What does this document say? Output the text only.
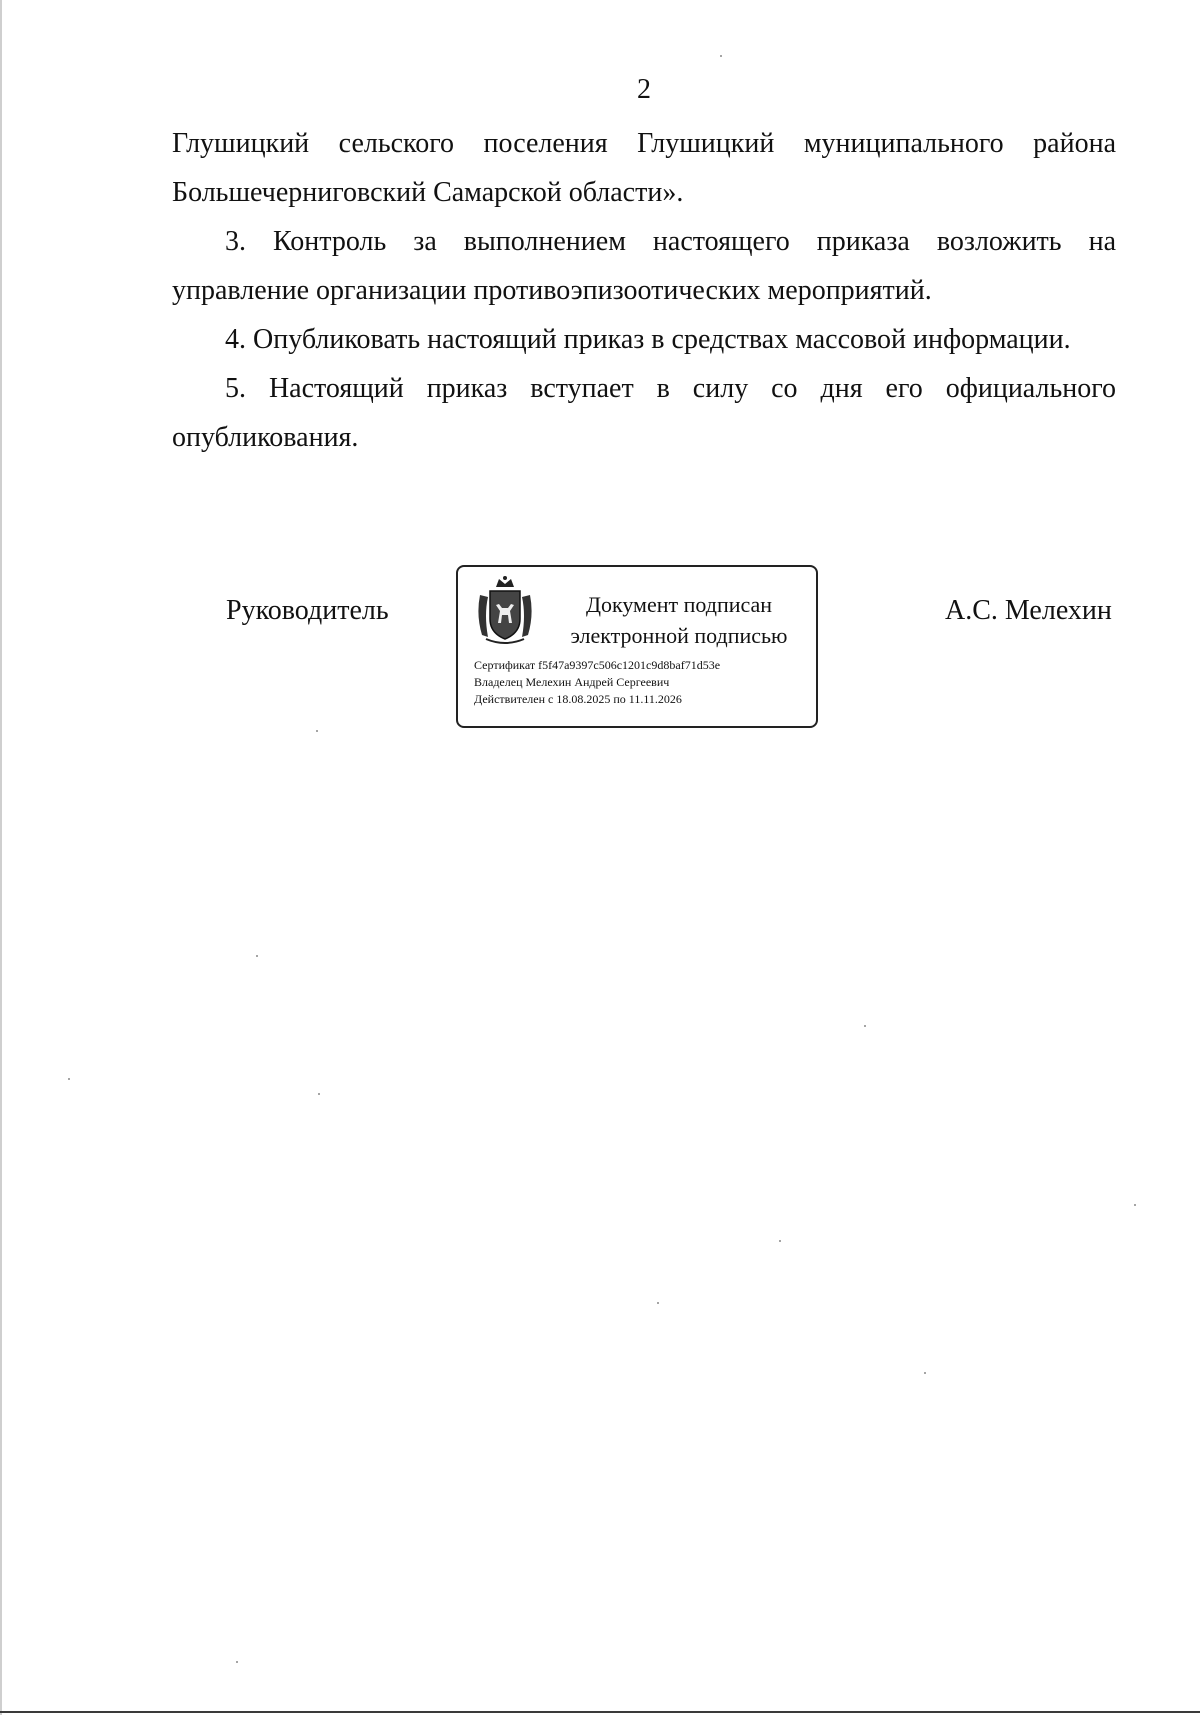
2

Глушицкий сельского поселения Глушицкий муниципального района Большечерниговский Самарской области».

3. Контроль за выполнением настоящего приказа возложить на управление организации противоэпизоотических мероприятий.

4. Опубликовать настоящий приказ в средствах массовой информации.

5. Настоящий приказ вступает в силу со дня его официального опубликования.

Руководитель	Документ подписан
электронной подписью
Сертификат f5f47a9397c506c1201c9d8baf71d53e
Владелец Мелехин Андрей Сергеевич
Действителен с 18.08.2025 по 11.11.2026
А.С. Мелехин
